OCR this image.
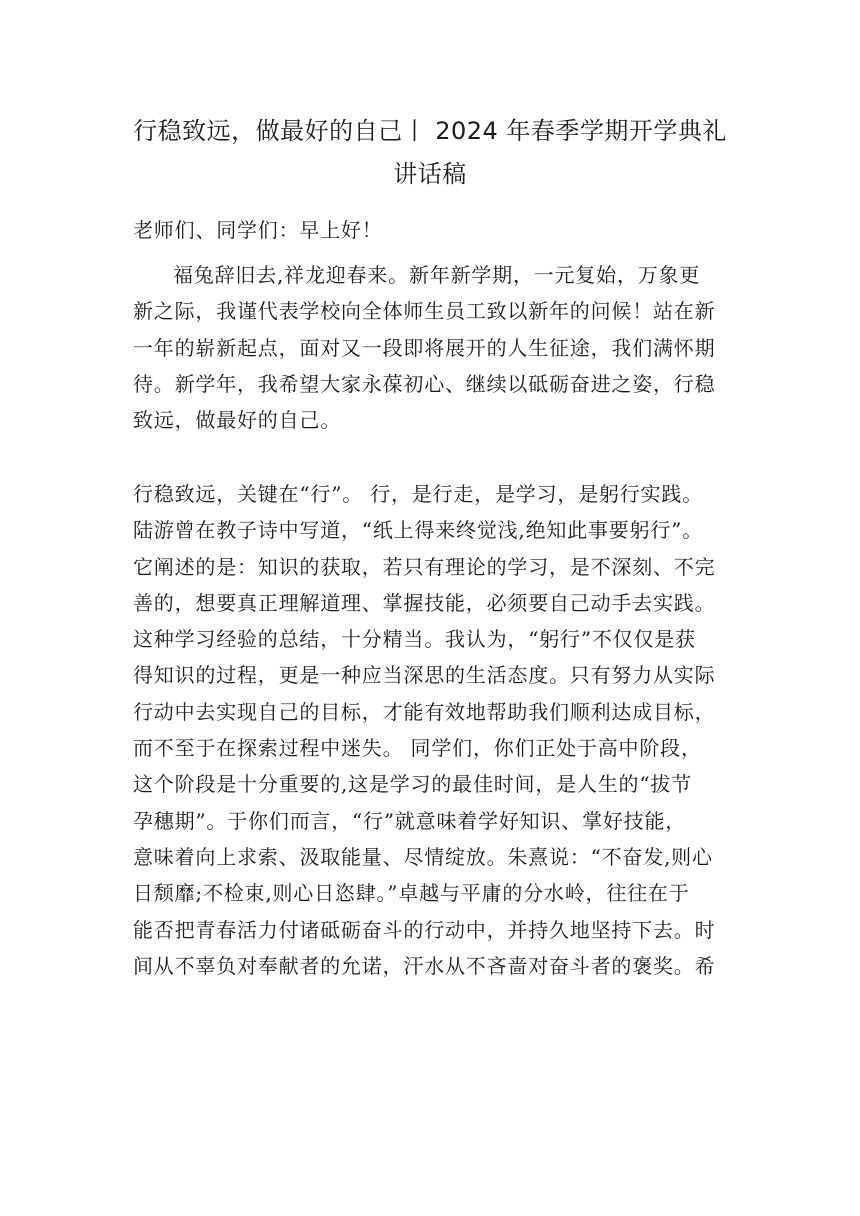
行稳致远，做最好的自己丨 2024 年春季学期开学典礼
讲话稿
老师们、同学们：早上好！
福兔辞旧去,祥龙迎春来。新年新学期，一元复始，万象更
新之际，我谨代表学校向全体师生员工致以新年的问候！站在新
一年的崭新起点，面对又一段即将展开的人生征途，我们满怀期
待。新学年，我希望大家永葆初心、继续以砥砺奋进之姿，行稳
致远，做最好的自己。
行稳致远，关键在“行”。 行，是行走，是学习，是躬行实践。
陆游曾在教子诗中写道，“纸上得来终觉浅,绝知此事要躬行”。
它阐述的是：知识的获取，若只有理论的学习，是不深刻、不完
善的，想要真正理解道理、掌握技能，必须要自己动手去实践。
这种学习经验的总结，十分精当。我认为，“躬行”不仅仅是获
得知识的过程，更是一种应当深思的生活态度。只有努力从实际
行动中去实现自己的目标，才能有效地帮助我们顺利达成目标，
而不至于在探索过程中迷失。 同学们，你们正处于高中阶段，
这个阶段是十分重要的,这是学习的最佳时间，是人生的“拔节
孕穗期”。于你们而言，“行”就意味着学好知识、掌好技能，
意味着向上求索、汲取能量、尽情绽放。朱熹说：“不奋发,则心
日颓靡;不检束,则心日恣肆。”卓越与平庸的分水岭，往往在于
能否把青春活力付诸砥砺奋斗的行动中，并持久地坚持下去。时
间从不辜负对奉献者的允诺，汗水从不吝啬对奋斗者的褒奖。希
